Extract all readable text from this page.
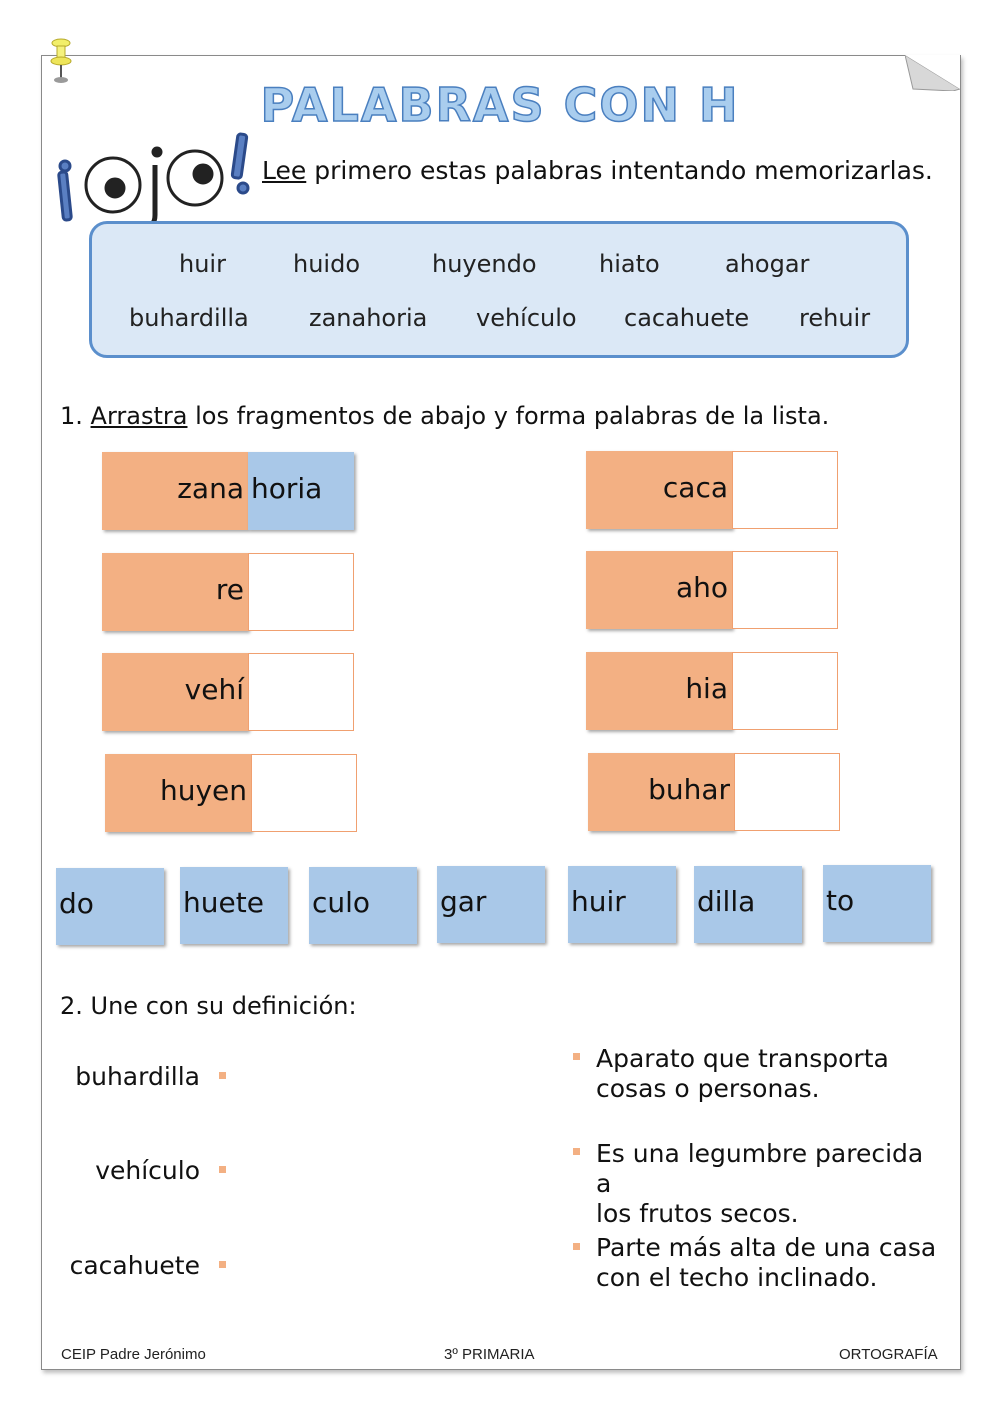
PALABRAS CON H
Lee primero estas palabras intentando memorizarlas.
huir	huido	huyendo	hiato	ahogar
buhardilla	zanahoria vehículo cacahuete rehuir
1. Arrastra los fragmentos de abajo y forma palabras de la lista.
zana horia
re
vehí
huyen
caca
aho
hia
buhar
do	huete	culo	gar	huir	dilla	to
2. Une con su definición:
buhardilla
vehículo
cacahuete
Aparato que transporta
cosas o personas.
Es una legumbre parecida a
los frutos secos.
Parte más alta de una casa
con el techo inclinado.
CEIP Padre Jerónimo	3º PRIMARIA	ORTOGRAFÍA
